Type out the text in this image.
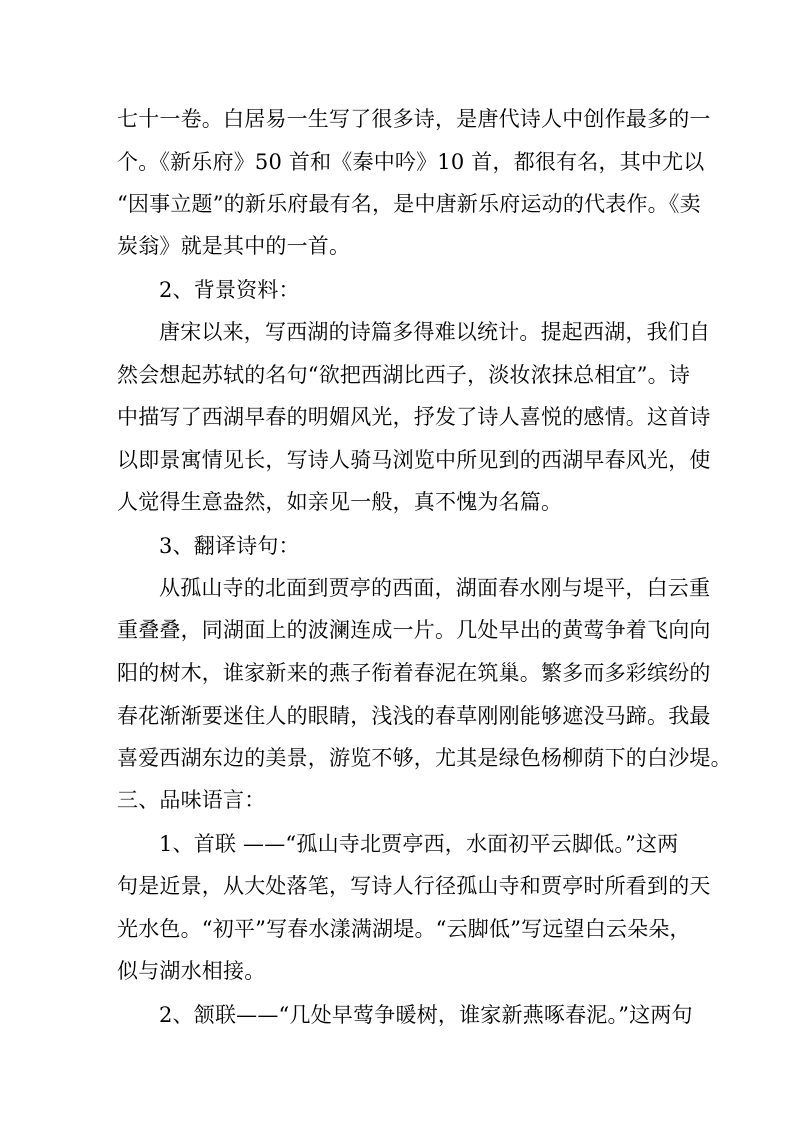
七十一卷。白居易一生写了很多诗，是唐代诗人中创作最多的一
个。《新乐府》50 首和《秦中吟》10 首，都很有名，其中尤以
“因事立题”的新乐府最有名，是中唐新乐府运动的代表作。《卖
炭翁》就是其中的一首。
2、背景资料：
唐宋以来，写西湖的诗篇多得难以统计。提起西湖，我们自
然会想起苏轼的名句“欲把西湖比西子，淡妆浓抹总相宜”。诗
中描写了西湖早春的明媚风光，抒发了诗人喜悦的感情。这首诗
以即景寓情见长，写诗人骑马浏览中所见到的西湖早春风光，使
人觉得生意盎然，如亲见一般，真不愧为名篇。
3、翻译诗句：
从孤山寺的北面到贾亭的西面，湖面春水刚与堤平，白云重
重叠叠，同湖面上的波澜连成一片。几处早出的黄莺争着飞向向
阳的树木，谁家新来的燕子衔着春泥在筑巢。繁多而多彩缤纷的
春花渐渐要迷住人的眼睛，浅浅的春草刚刚能够遮没马蹄。我最
喜爱西湖东边的美景，游览不够，尤其是绿色杨柳荫下的白沙堤。
三、品味语言：
1、首联 ——“孤山寺北贾亭西，水面初平云脚低。”这两
句是近景，从大处落笔，写诗人行径孤山寺和贾亭时所看到的天
光水色。“初平”写春水漾满湖堤。“云脚低”写远望白云朵朵，
似与湖水相接。
2、颔联——“几处早莺争暖树，谁家新燕啄春泥。”这两句
